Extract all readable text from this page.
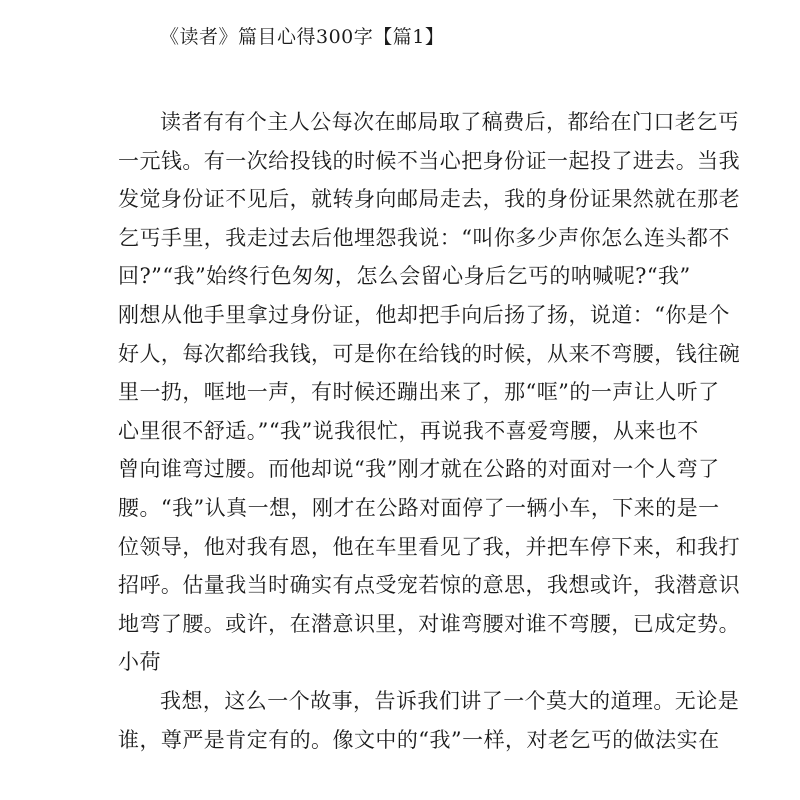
《读者》篇目心得300字【篇1】
读者有有个主人公每次在邮局取了稿费后，都给在门口老乞丐
一元钱。有一次给投钱的时候不当心把身份证一起投了进去。当我
发觉身份证不见后，就转身向邮局走去，我的身份证果然就在那老
乞丐手里，我走过去后他埋怨我说：“叫你多少声你怎么连头都不
回?”“我”始终行色匆匆，怎么会留心身后乞丐的呐喊呢?“我”
刚想从他手里拿过身份证，他却把手向后扬了扬，说道：“你是个
好人，每次都给我钱，可是你在给钱的时候，从来不弯腰，钱往碗
里一扔，哐地一声，有时候还蹦出来了，那“哐”的一声让人听了
心里很不舒适。”“我”说我很忙，再说我不喜爱弯腰，从来也不
曾向谁弯过腰。而他却说“我”刚才就在公路的对面对一个人弯了
腰。“我”认真一想，刚才在公路对面停了一辆小车，下来的是一
位领导，他对我有恩，他在车里看见了我，并把车停下来，和我打
招呼。估量我当时确实有点受宠若惊的意思，我想或许，我潜意识
地弯了腰。或许，在潜意识里，对谁弯腰对谁不弯腰，已成定势。
小荷
我想，这么一个故事，告诉我们讲了一个莫大的道理。无论是
谁，尊严是肯定有的。像文中的“我”一样，对老乞丐的做法实在
